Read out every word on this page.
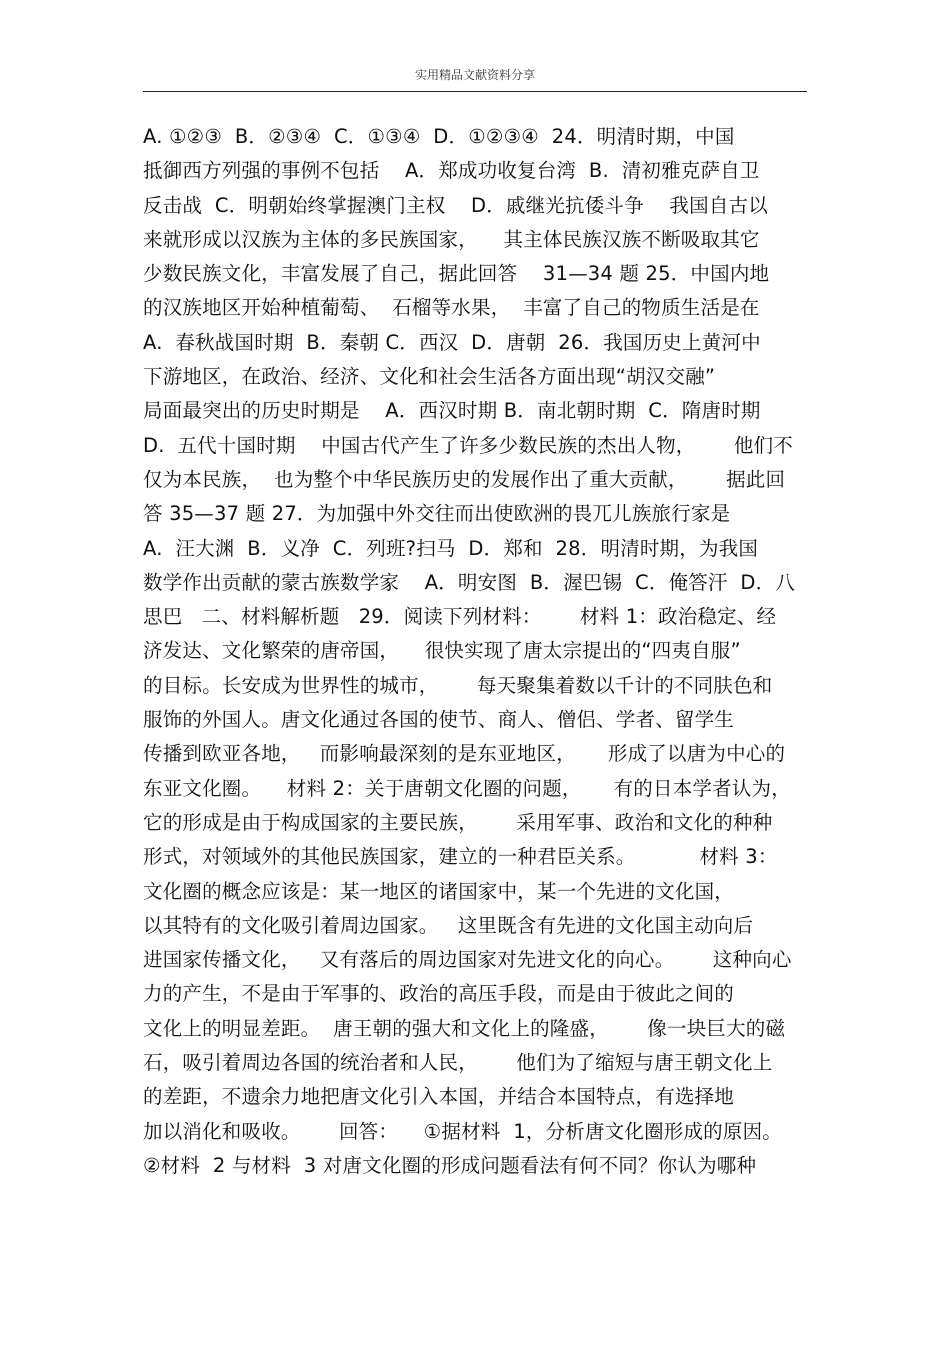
实用精品文献资料分享
A. ①②③  B．②③④  C．①③④  D．①②③④  24．明清时期，中国
抵御西方列强的事例不包括    A．郑成功收复台湾  B.  清初雅克萨自卫
反击战  C．明朝始终掌握澳门主权    D．戚继光抗倭斗争    我国自古以
来就形成以汉族为主体的多民族国家，    其主体民族汉族不断吸取其它
少数民族文化，丰富发展了自己，据此回答    31—34 题 25．中国内地
的汉族地区开始种植葡萄、  石榴等水果，  丰富了自己的物质生活是在
A.  春秋战国时期  B．秦朝 C．西汉  D．唐朝  26．我国历史上黄河中
下游地区，在政治、经济、文化和社会生活各方面出现“胡汉交融”
局面最突出的历史时期是    A．西汉时期 B．南北朝时期  C．隋唐时期
D.  五代十国时期    中国古代产生了许多少数民族的杰出人物，      他们不
仅为本民族，  也为整个中华民族历史的发展作出了重大贡献，      据此回
答 35—37 题 27．为加强中外交往而出使欧洲的畏兀儿族旅行家是
A.  汪大渊  B．义净  C．列班?扫马  D．郑和  28．明清时期，为我国
数学作出贡献的蒙古族数学家    A．明安图  B．渥巴锡  C．俺答汗  D．八
思巴   二、材料解析题   29．阅读下列材料：      材料 1：政治稳定、经
济发达、文化繁荣的唐帝国，    很快实现了唐太宗提出的“四夷自服”
的目标。长安成为世界性的城市，      每天聚集着数以千计的不同肤色和
服饰的外国人。唐文化通过各国的使节、商人、僧侣、学者、留学生
传播到欧亚各地，   而影响最深刻的是东亚地区，     形成了以唐为中心的
东亚文化圈。    材料 2：关于唐朝文化圈的问题，     有的日本学者认为，
它的形成是由于构成国家的主要民族，      采用军事、政治和文化的种种
形式，对领域外的其他民族国家，建立的一种君臣关系。          材料 3：
文化圈的概念应该是：某一地区的诸国家中，某一个先进的文化国，
以其特有的文化吸引着周边国家。   这里既含有先进的文化国主动向后
进国家传播文化，   又有落后的周边国家对先进文化的向心。      这种向心
力的产生，不是由于军事的、政治的高压手段，而是由于彼此之间的
文化上的明显差距。  唐王朝的强大和文化上的隆盛，      像一块巨大的磁
石，吸引着周边各国的统治者和人民，      他们为了缩短与唐王朝文化上
的差距，不遗余力地把唐文化引入本国，并结合本国特点，有选择地
加以消化和吸收。      回答：    ①据材料  1，分析唐文化圈形成的原因。
②材料  2 与材料  3 对唐文化圈的形成问题看法有何不同？你认为哪种
